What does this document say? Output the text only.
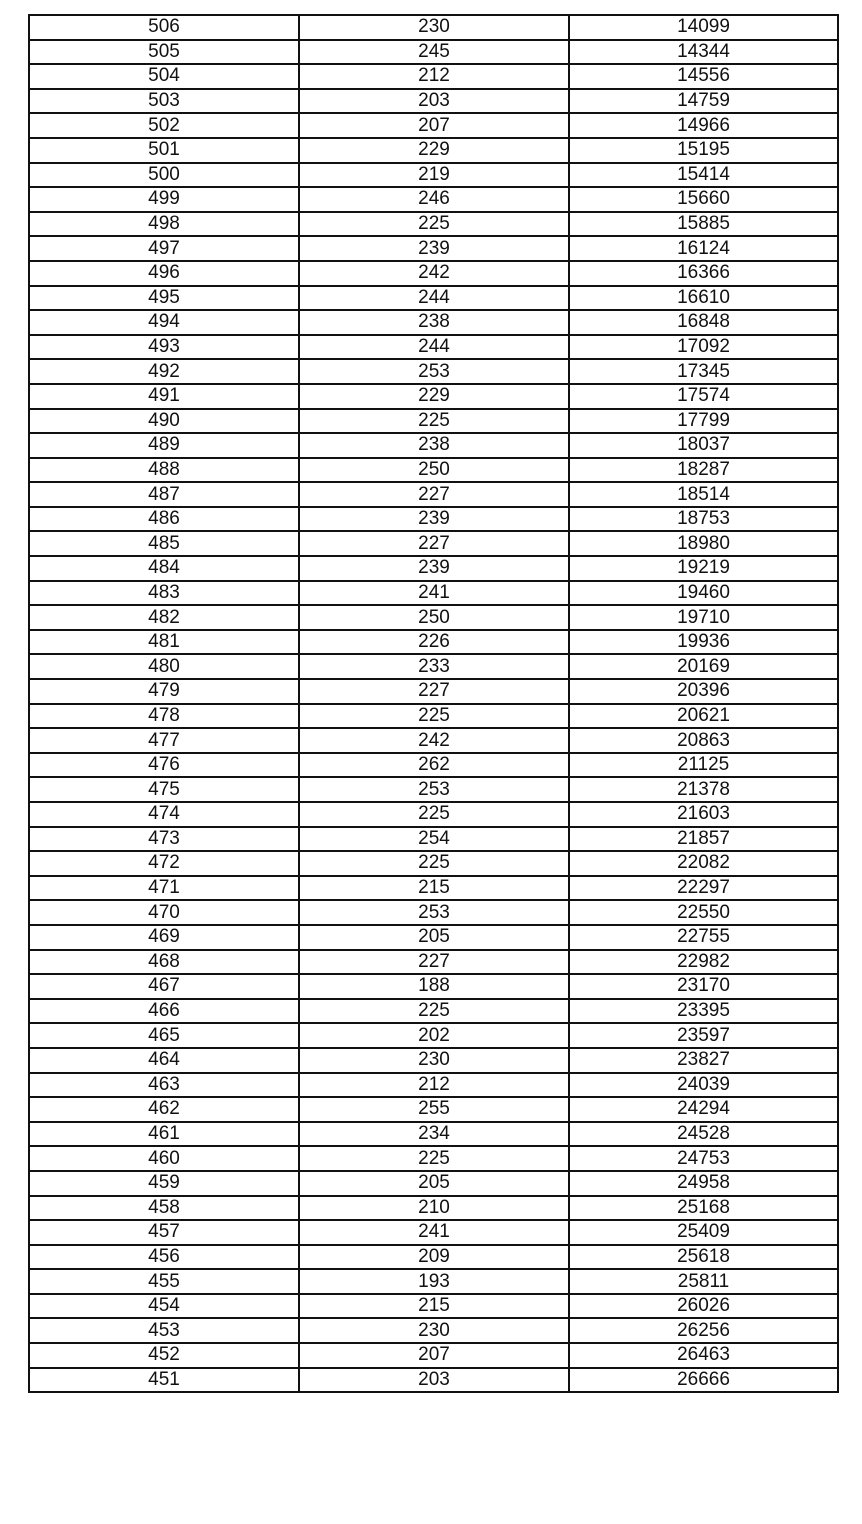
506	230	14099
505	245	14344
504	212	14556
503	203	14759
502	207	14966
501	229	15195
500	219	15414
499	246	15660
498	225	15885
497	239	16124
496	242	16366
495	244	16610
494	238	16848
493	244	17092
492	253	17345
491	229	17574
490	225	17799
489	238	18037
488	250	18287
487	227	18514
486	239	18753
485	227	18980
484	239	19219
483	241	19460
482	250	19710
481	226	19936
480	233	20169
479	227	20396
478	225	20621
477	242	20863
476	262	21125
475	253	21378
474	225	21603
473	254	21857
472	225	22082
471	215	22297
470	253	22550
469	205	22755
468	227	22982
467	188	23170
466	225	23395
465	202	23597
464	230	23827
463	212	24039
462	255	24294
461	234	24528
460	225	24753
459	205	24958
458	210	25168
457	241	25409
456	209	25618
455	193	25811
454	215	26026
453	230	26256
452	207	26463
451	203	26666
